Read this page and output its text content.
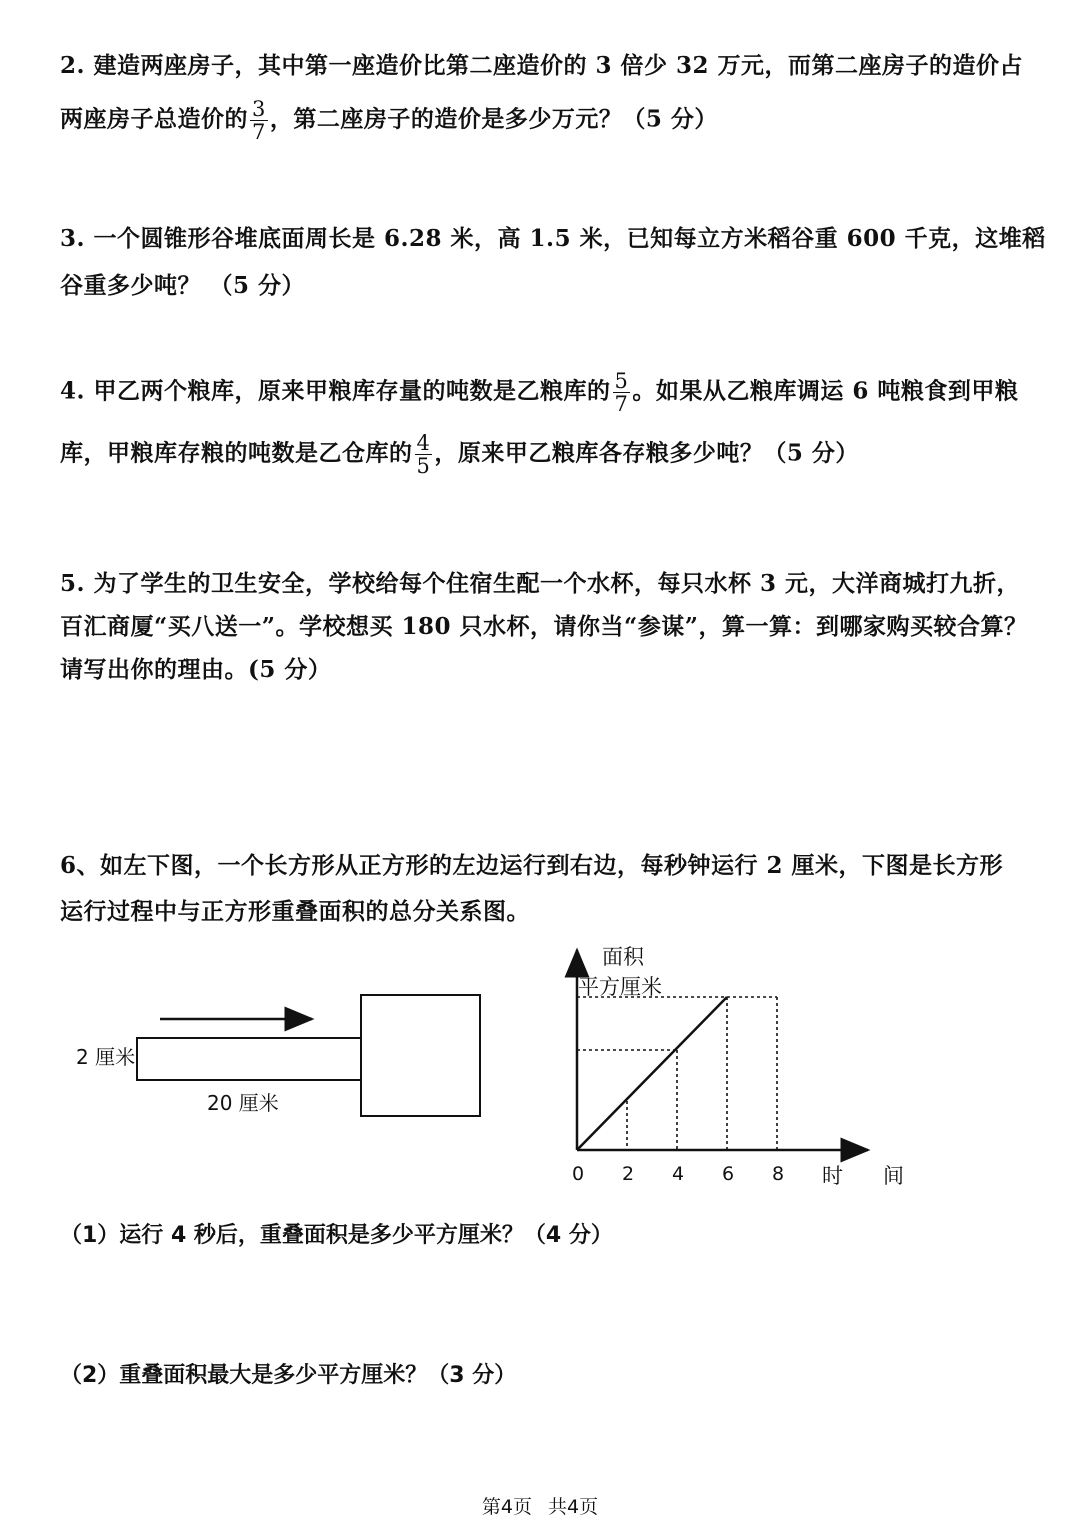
2. 建造两座房子，其中第一座造价比第二座造价的 3 倍少 32 万元，而第二座房子的造价占
两座房子总造价的 $\frac{3}{7}$ ，第二座房子的造价是多少万元？（5 分）
3. 一个圆锥形谷堆底面周长是 6.28 米，高 1.5 米，已知每立方米稻谷重 600 千克，这堆稻
谷重多少吨？ （5 分）
4. 甲乙两个粮库，原来甲粮库存量的吨数是乙粮库的 $\frac{5}{7}$ 。如果从乙粮库调运 6 吨粮食到甲粮
库，甲粮库存粮的吨数是乙仓库的 $\frac{4}{5}$ ，原来甲乙粮库各存粮多少吨？（5 分）
5. 为了学生的卫生安全，学校给每个住宿生配一个水杯，每只水杯 3 元，大洋商城打九折，
百汇商厦“买八送一”。学校想买 180 只水杯，请你当“参谋”，算一算：到哪家购买较合算？
请写出你的理由。(5 分）
6、如左下图，一个长方形从正方形的左边运行到右边，每秒钟运行 2 厘米，下图是长方形
运行过程中与正方形重叠面积的总分关系图。
2 厘米
20 厘米
面积
平方厘米
0 2 4 6 8 时 间
（1）运行 4 秒后，重叠面积是多少平方厘米？（4 分）
（2）重叠面积最大是多少平方厘米？（3 分）
第4页 共4页
